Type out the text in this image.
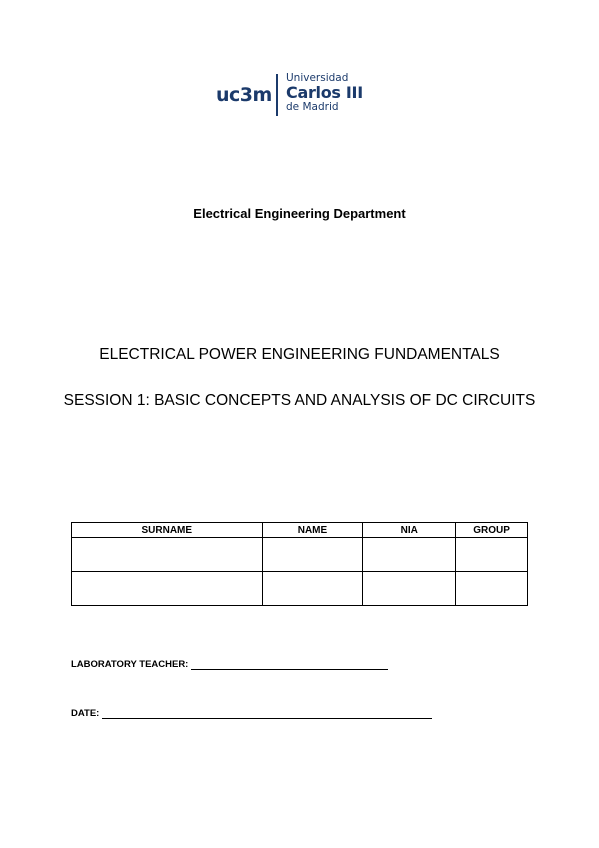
uc3m
Universidad
Carlos III
de Madrid
Electrical Engineering Department
ELECTRICAL POWER ENGINEERING FUNDAMENTALS
SESSION 1: BASIC CONCEPTS AND ANALYSIS OF DC CIRCUITS
SURNAME	NAME	NIA	GROUP

LABORATORY TEACHER:
DATE:
